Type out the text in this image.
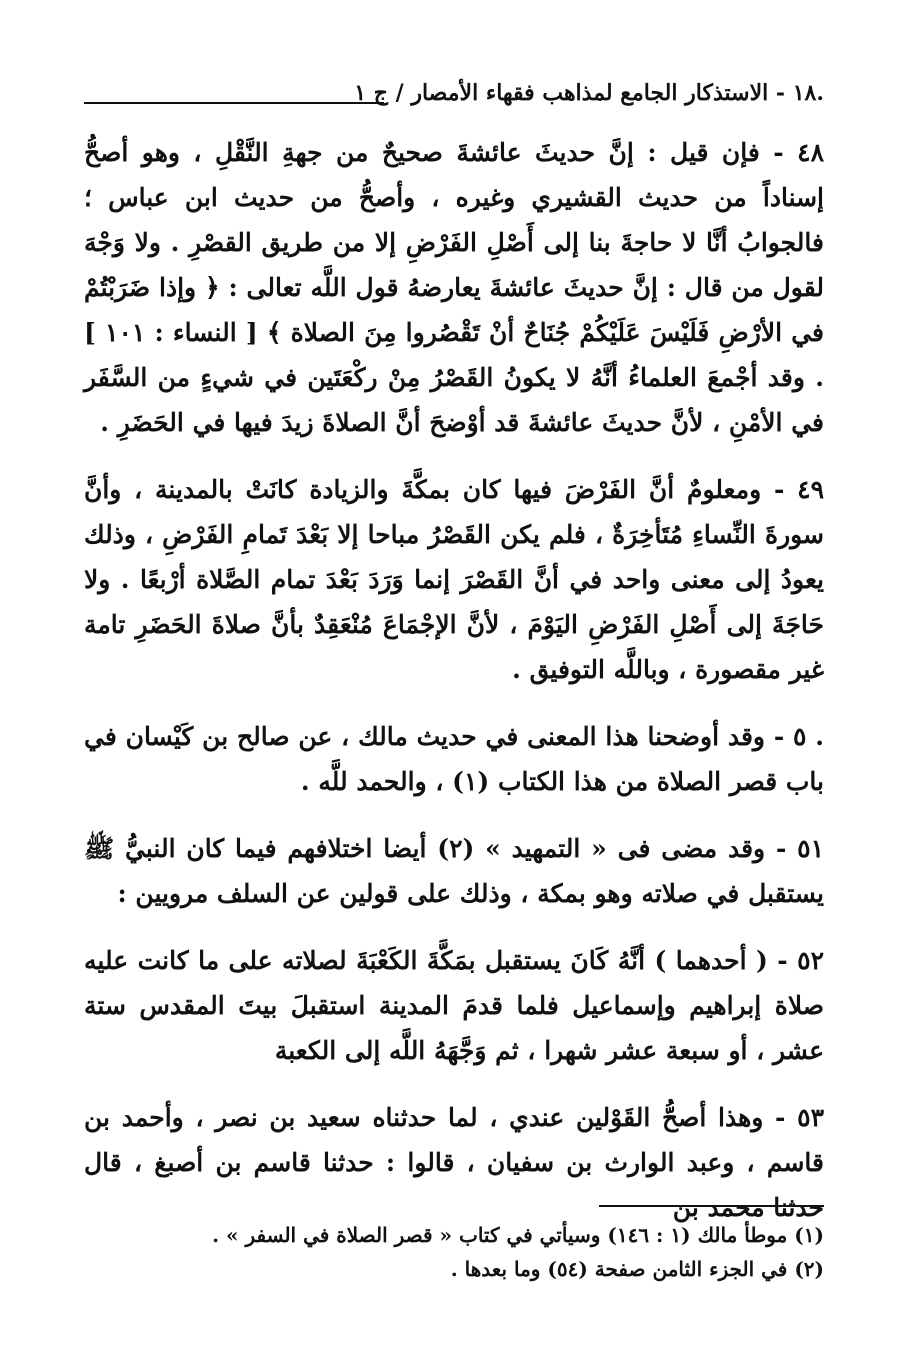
.١٨ - الاستذكار الجامع لمذاهب فقهاء الأمصار / ج ١

٤٨ - فإن قيل : إنَّ حديثَ عائشةَ صحيحٌ من جهةِ النَّقْلِ ، وهو أصحُّ إسناداً من حديث القشيري وغيره ، وأصحُّ من حديث ابن عباس ؛ فالجوابُ أنَّا لا حاجةَ بنا إلى أَصْلِ الفَرْضِ إلا من طريق القصْرِ . ولا وَجْهَ لقول من قال : إنَّ حديثَ عائشةَ يعارضهُ قول اللَّه تعالى : ﴿ وإذا ضَرَبْتُمْ في الأرْضِ فَلَيْسَ عَلَيْكُمْ جُنَاحٌ أنْ تَقْصُروا مِنَ الصلاة ﴾ [ النساء : ١٠١ ] . وقد أجْمعَ العلماءُ أنَّهُ لا يكونُ القَصْرُ مِنْ ركْعَتَين في شيءٍ من السَّفَر في الأمْنِ ، لأنَّ حديثَ عائشةَ قد أوْضحَ أنَّ الصلاةَ زيدَ فيها في الحَضَرِ .

٤٩ - ومعلومٌ أنَّ الفَرْضَ فيها كان بمكَّةَ والزيادة كانَتْ بالمدينة ، وأنَّ سورةَ النِّساءِ مُتَأخِرَةٌ ، فلم يكن القَصْرُ مباحا إلا بَعْدَ تَمامِ الفَرْضِ ، وذلك يعودُ إلى معنى واحد في أنَّ القَصْرَ إنما وَرَدَ بَعْدَ تمام الصَّلاة أرْبعًا . ولا حَاجَةَ إلى أَصْلِ الفَرْضِ اليَوْمَ ، لأنَّ الإجْمَاعَ مُنْعَقِدٌ بأنَّ صلاةَ الحَضَرِ تامة غير مقصورة ، وباللَّه التوفيق .

. ٥ - وقد أوضحنا هذا المعنى في حديث مالك ، عن صالح بن كَيْسان في باب قصر الصلاة من هذا الكتاب (١) ، والحمد للَّه .

٥١ - وقد مضى فى « التمهيد » (٢) أيضا اختلافهم فيما كان النبيُّ ﷺ يستقبل في صلاته وهو بمكة ، وذلك على قولين عن السلف مرويين :

٥٢ - ( أحدهما ) أنَّهُ كَانَ يستقبل بمَكَّةَ الكَعْبَةَ لصلاته على ما كانت عليه صلاة إبراهيم وإسماعيل فلما قدمَ المدينة استقبلَ بيتَ المقدس ستة عشر ، أو سبعة عشر شهرا ، ثم وَجَّهَهُ اللَّه إلى الكعبة

٥٣ - وهذا أصحُّ القَوْلين عندي ، لما حدثناه سعيد بن نصر ، وأحمد بن قاسم ، وعبد الوارث بن سفيان ، قالوا : حدثنا قاسم بن أصبغ ، قال حدثنا محمد بن

(١) موطأ مالك (١ : ١٤٦) وسيأتي في كتاب « قصر الصلاة في السفر » .

(٢) في الجزء الثامن صفحة (٥٤) وما بعدها .
